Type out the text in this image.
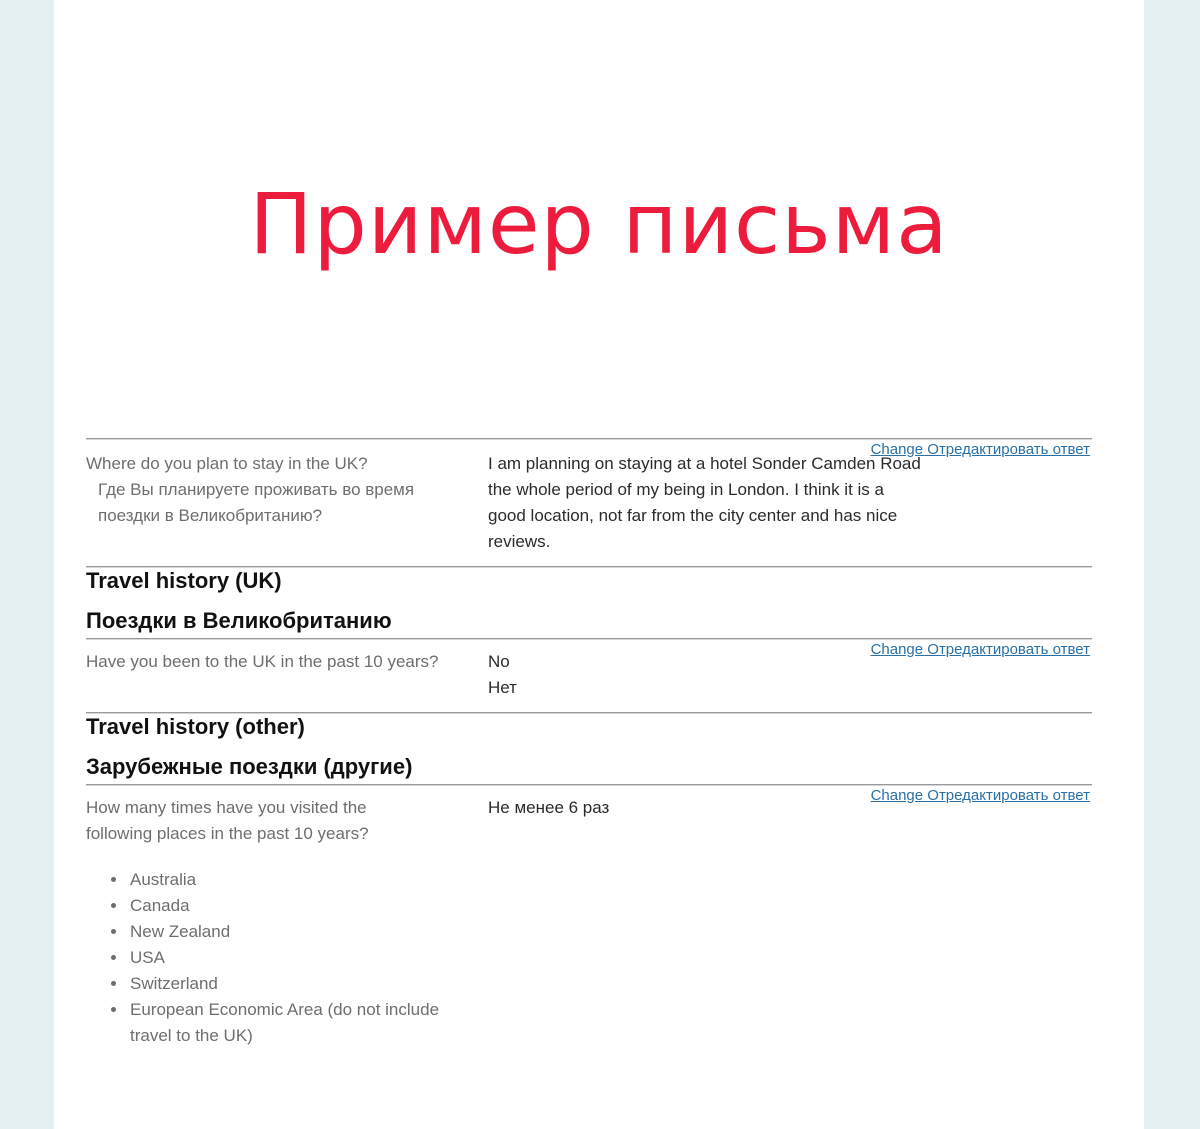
Пример письма
Change Отредактировать ответ
Where do you plan to stay in the UK?
Где Вы планируете проживать во время
поездки в Великобританию?
I am planning on staying at a hotel Sonder Camden Road
the whole period of my being in London. I think it is a
good location, not far from the city center and has nice
reviews.
Travel history (UK)
Поездки в Великобританию
Change Отредактировать ответ
Have you been to the UK in the past 10 years?	No
Нет
Travel history (other)
Зарубежные поездки (другие)
Change Отредактировать ответ
How many times have you visited the
following places in the past 10 years?
Не менее 6 раз
• Australia
• Canada
• New Zealand
• USA
• Switzerland
• European Economic Area (do not include travel to the UK)
